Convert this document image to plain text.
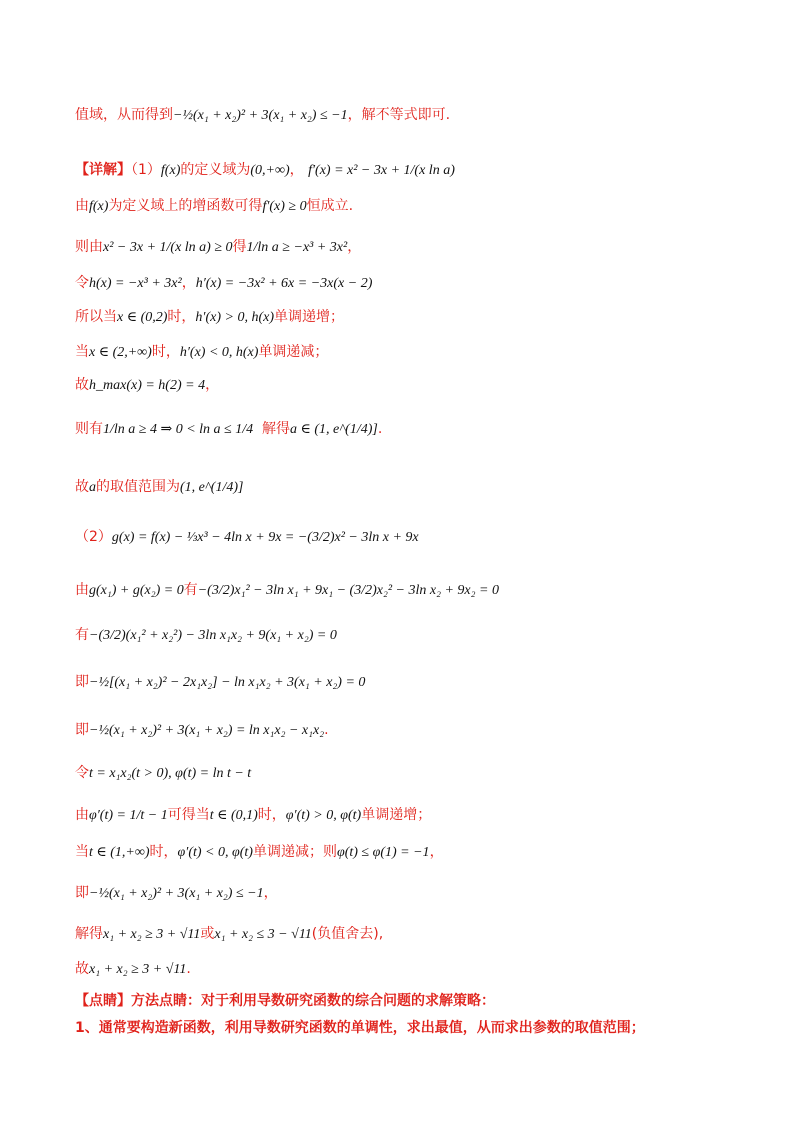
值域，从而得到−½(x₁ + x₂)² + 3(x₁ + x₂) ≤ −1，解不等式即可.
【详解】（1）f(x)的定义域为(0,+∞)， f′(x) = x² − 3x + 1/(x ln a)
由f(x)为定义域上的增函数可得f′(x) ≥ 0恒成立.
则由x² − 3x + 1/(x ln a) ≥ 0得1/ln a ≥ −x³ + 3x²，
令h(x) = −x³ + 3x²，h′(x) = −3x² + 6x = −3x(x − 2)
所以当x ∈ (0,2)时，h′(x) > 0, h(x)单调递增；
当x ∈ (2,+∞)时，h′(x) < 0, h(x)单调递减；
故h_max(x) = h(2) = 4，
则有1/ln a ≥ 4 ⇒ 0 < ln a ≤ 1/4 解得a ∈ (1, e^(1/4)].
故a的取值范围为(1, e^(1/4)]
（2）g(x) = f(x) − ⅓x³ − 4ln x + 9x = −(3/2)x² − 3ln x + 9x
由g(x₁) + g(x₂) = 0有−(3/2)x₁² − 3ln x₁ + 9x₁ − (3/2)x₂² − 3ln x₂ + 9x₂ = 0
有−(3/2)(x₁² + x₂²) − 3ln x₁x₂ + 9(x₁ + x₂) = 0
即−½[(x₁ + x₂)² − 2x₁x₂] − ln x₁x₂ + 3(x₁ + x₂) = 0
即−½(x₁ + x₂)² + 3(x₁ + x₂) = ln x₁x₂ − x₁x₂.
令t = x₁x₂(t > 0), φ(t) = ln t − t
由φ′(t) = 1/t − 1可得当t ∈ (0,1)时，φ′(t) > 0, φ(t)单调递增；
当t ∈ (1,+∞)时，φ′(t) < 0, φ(t)单调递减；则φ(t) ≤ φ(1) = −1，
即−½(x₁ + x₂)² + 3(x₁ + x₂) ≤ −1，
解得x₁ + x₂ ≥ 3 + √11或x₁ + x₂ ≤ 3 − √11(负值舍去),
故x₁ + x₂ ≥ 3 + √11.
【点睛】方法点睛：对于利用导数研究函数的综合问题的求解策略：
1、通常要构造新函数，利用导数研究函数的单调性，求出最值，从而求出参数的取值范围；
